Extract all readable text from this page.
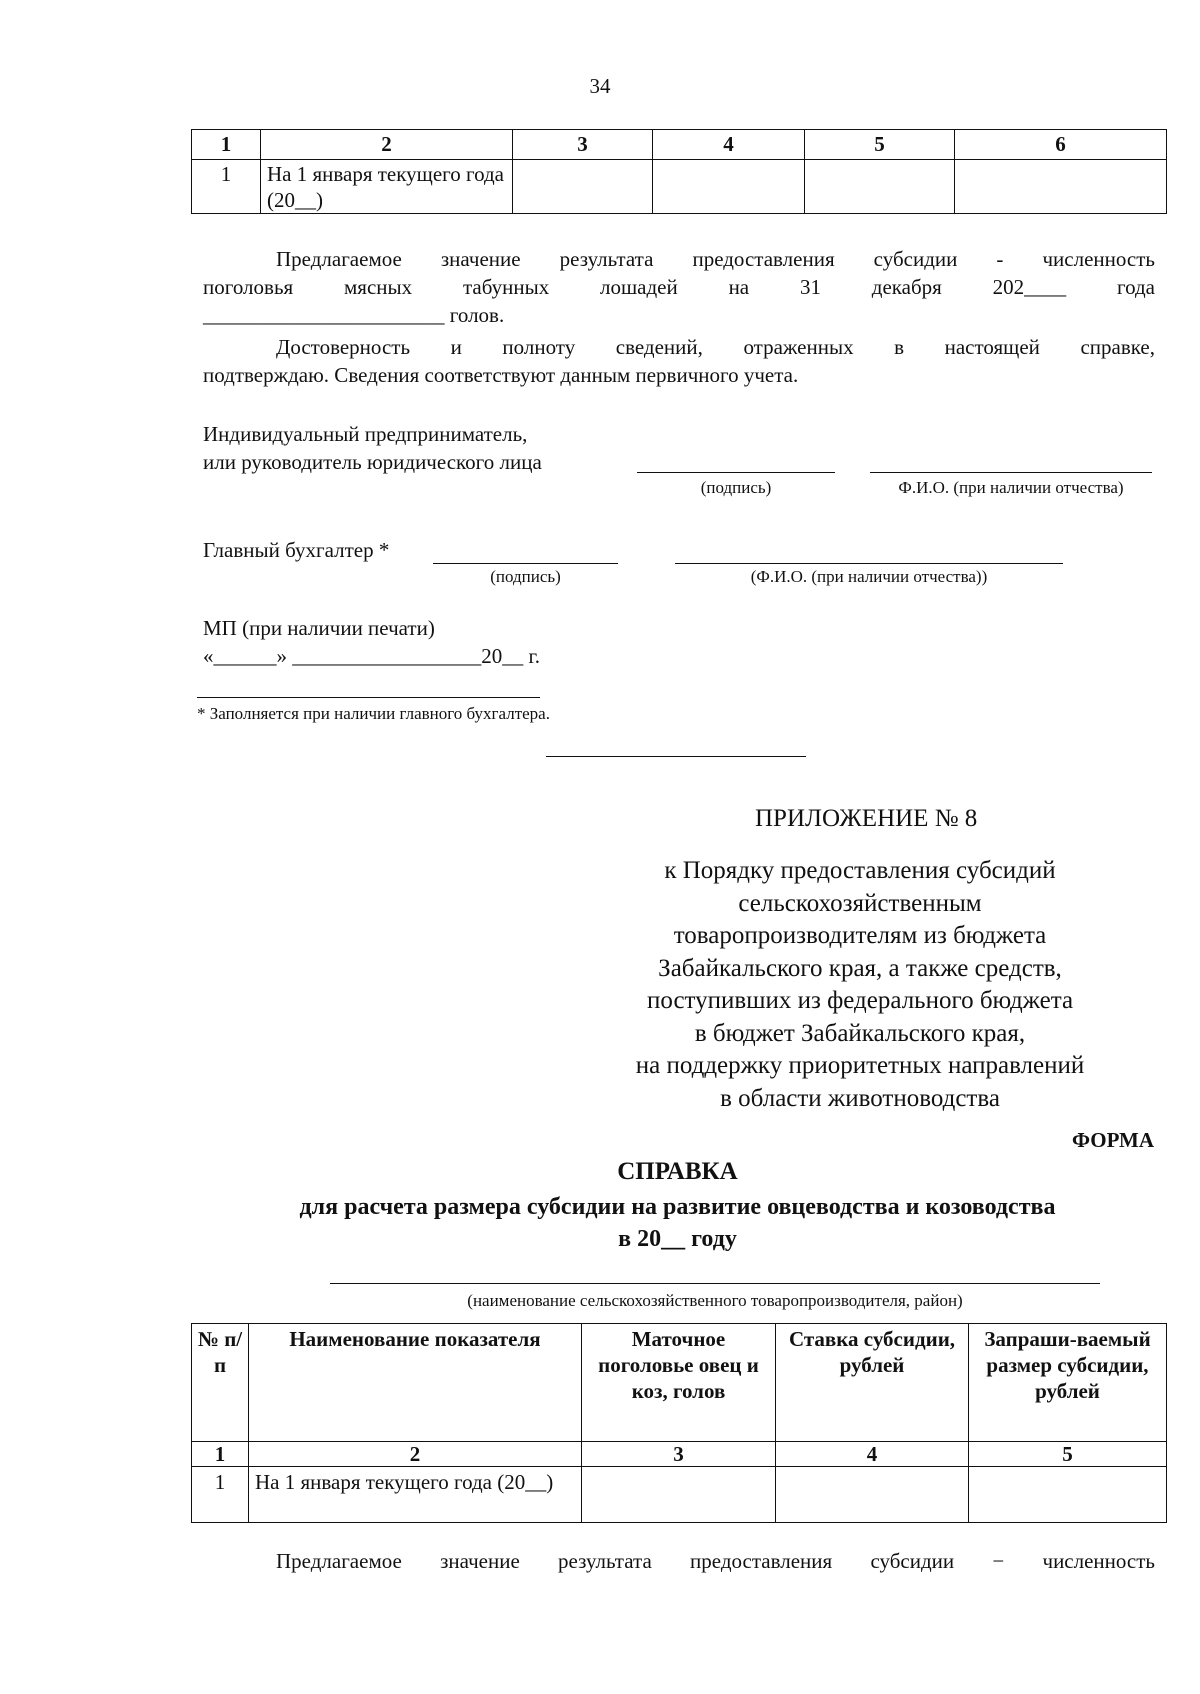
34
1	2	3	4	5	6
1	На 1 января текущего года (20__)				
Предлагаемое значение результата предоставления субсидии - численность
поголовья мясных табунных лошадей на 31 декабря 202____ года
_______________________ голов.
Достоверность и полноту сведений, отраженных в настоящей справке,
подтверждаю. Сведения соответствуют данным первичного учета.
Индивидуальный предприниматель,
или руководитель юридического лица
(подпись)	Ф.И.О. (при наличии отчества)
Главный бухгалтер *
(подпись)	(Ф.И.О. (при наличии отчества))
МП (при наличии печати)
«______» __________________20__ г.
* Заполняется при наличии главного бухгалтера.
ПРИЛОЖЕНИЕ № 8
к Порядку предоставления субсидий
сельскохозяйственным
товаропроизводителям из бюджета
Забайкальского края, а также средств,
поступивших из федерального бюджета
в бюджет Забайкальского края,
на поддержку приоритетных направлений
в области животноводства
ФОРМА
СПРАВКА
для расчета размера субсидии на развитие овцеводства и козоводства
в 20__ году
(наименование сельскохозяйственного товаропроизводителя, район)
№ п/п	Наименование показателя	Маточное поголовье овец и коз, голов	Ставка субсидии, рублей	Запраши-ваемый размер субсидии, рублей
1	2	3	4	5
1	На 1 января текущего года (20__)			
Предлагаемое значение результата предоставления субсидии − численность
